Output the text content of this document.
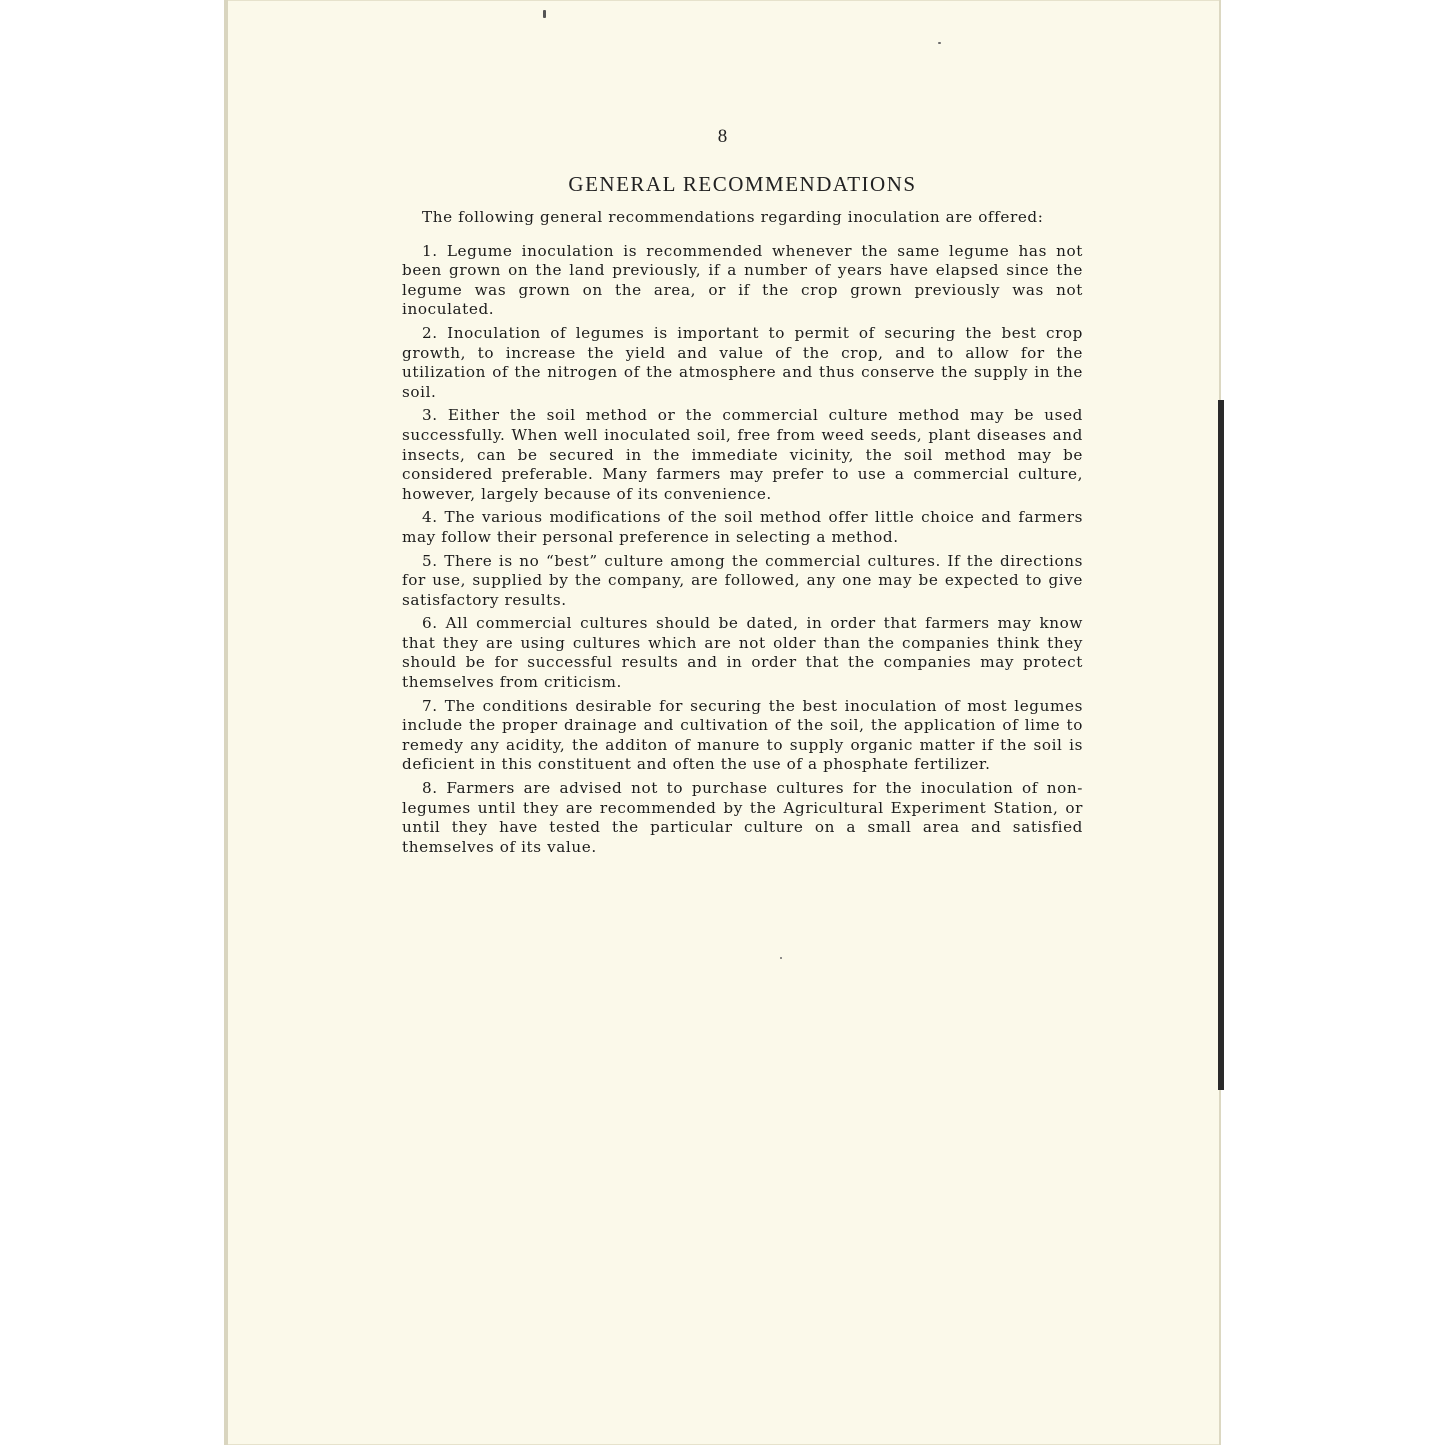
8
GENERAL RECOMMENDATIONS

The following general recommendations regarding inoculation are offered:

1. Legume inoculation is recommended whenever the same legume has not been grown on the land previously, if a number of years have elapsed since the legume was grown on the area, or if the crop grown previously was not inoculated.

2. Inoculation of legumes is important to permit of securing the best crop growth, to increase the yield and value of the crop, and to allow for the utilization of the nitrogen of the atmosphere and thus conserve the supply in the soil.

3. Either the soil method or the commercial culture method may be used successfully. When well inoculated soil, free from weed seeds, plant diseases and insects, can be secured in the immediate vicinity, the soil method may be considered preferable. Many farmers may prefer to use a commercial culture, however, largely because of its convenience.

4. The various modifications of the soil method offer little choice and farmers may follow their personal preference in selecting a method.

5. There is no “best” culture among the commercial cultures. If the directions for use, supplied by the company, are followed, any one may be expected to give satisfactory results.

6. All commercial cultures should be dated, in order that farmers may know that they are using cultures which are not older than the companies think they should be for successful results and in order that the companies may protect themselves from criticism.

7. The conditions desirable for securing the best inoculation of most legumes include the proper drainage and cultivation of the soil, the application of lime to remedy any acidity, the additon of manure to supply organic matter if the soil is deficient in this constituent and often the use of a phosphate fertilizer.

8. Farmers are advised not to purchase cultures for the inoculation of non-legumes until they are recommended by the Agricultural Experiment Station, or until they have tested the particular culture on a small area and satisfied themselves of its value.
